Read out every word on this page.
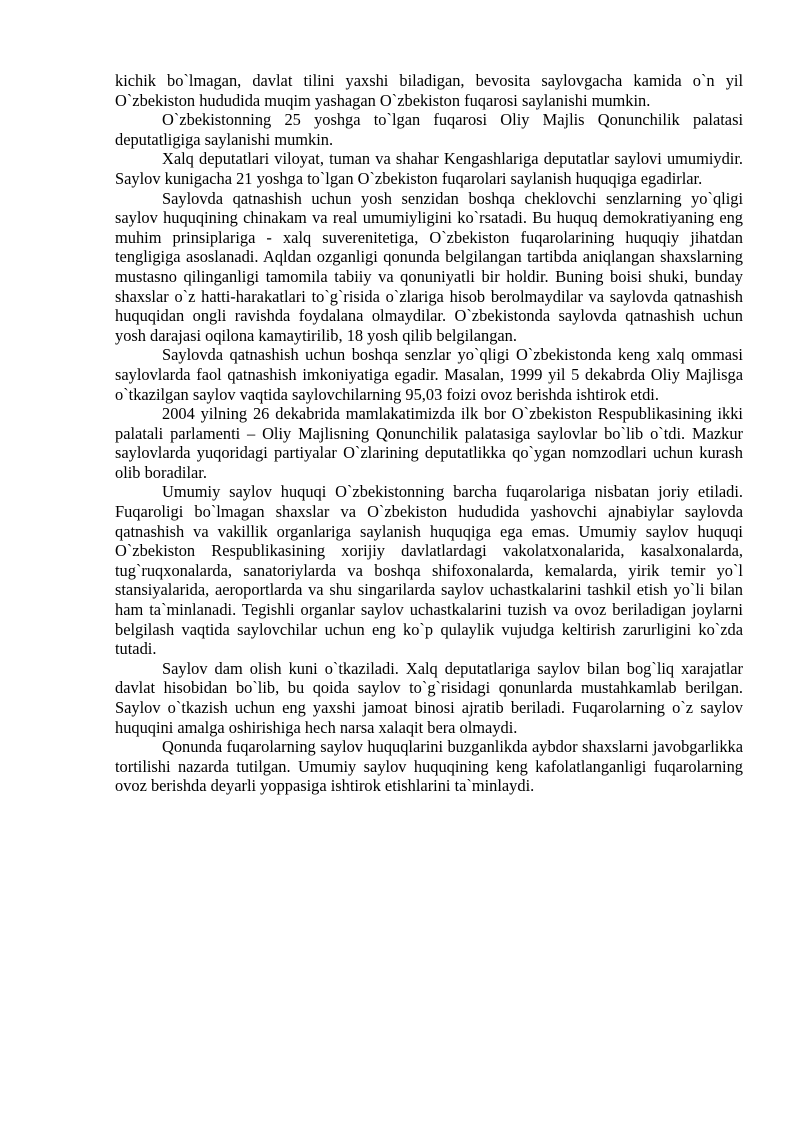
kichik bo`lmagan, davlat tilini yaxshi biladigan, bevosita saylovgacha kamida o`n yil O`zbekiston hududida muqim yashagan O`zbekiston fuqarosi saylanishi mumkin.

O`zbekistonning 25 yoshga to`lgan fuqarosi Oliy Majlis Qonunchilik palatasi deputatligiga saylanishi mumkin.

Xalq deputatlari viloyat, tuman va shahar Kengashlariga deputatlar saylovi umumiydir. Saylov kunigacha 21 yoshga to`lgan O`zbekiston fuqarolari saylanish huquqiga egadirlar.

Saylovda qatnashish uchun yosh senzidan boshqa cheklovchi senzlarning yo`qligi saylov huquqining chinakam va real umumiyligini ko`rsatadi. Bu huquq demokratiyaning eng muhim prinsiplariga - xalq suverenitetiga, O`zbekiston fuqarolarining huquqiy jihatdan tengligiga asoslanadi. Aqldan ozganligi qonunda belgilangan tartibda aniqlangan shaxslarning mustasno qilinganligi tamomila tabiiy va qonuniyatli bir holdir. Buning boisi shuki, bunday shaxslar o`z hatti-harakatlari to`g`risida o`zlariga hisob berolmaydilar va saylovda qatnashish huquqidan ongli ravishda foydalana olmaydilar. O`zbekistonda saylovda qatnashish uchun yosh darajasi oqilona kamaytirilib, 18 yosh qilib belgilangan.

Saylovda qatnashish uchun boshqa senzlar yo`qligi O`zbekistonda keng xalq ommasi saylovlarda faol qatnashish imkoniyatiga egadir. Masalan, 1999 yil 5 dekabrda Oliy Majlisga o`tkazilgan saylov vaqtida saylovchilarning 95,03 foizi ovoz berishda ishtirok etdi.

2004 yilning 26 dekabrida mamlakatimizda ilk bor O`zbekiston Respublikasining ikki palatali parlamenti – Oliy Majlisning Qonunchilik palatasiga saylovlar bo`lib o`tdi. Mazkur saylovlarda yuqoridagi partiyalar O`zlarining deputatlikka qo`ygan nomzodlari uchun kurash olib boradilar.

Umumiy saylov huquqi O`zbekistonning barcha fuqarolariga nisbatan joriy etiladi. Fuqaroligi bo`lmagan shaxslar va O`zbekiston hududida yashovchi ajnabiylar saylovda qatnashish va vakillik organlariga saylanish huquqiga ega emas. Umumiy saylov huquqi O`zbekiston Respublikasining xorijiy davlatlardagi vakolatxonalarida, kasalxonalarda, tug`ruqxonalarda, sanatoriylarda va boshqa shifoxonalarda, kemalarda, yirik temir yo`l stansiyalarida, aeroportlarda va shu singarilarda saylov uchastkalarini tashkil etish yo`li bilan ham ta`minlanadi. Tegishli organlar saylov uchastkalarini tuzish va ovoz beriladigan joylarni belgilash vaqtida saylovchilar uchun eng ko`p qulaylik vujudga keltirish zarurligini ko`zda tutadi.

Saylov dam olish kuni o`tkaziladi. Xalq deputatlariga saylov bilan bog`liq xarajatlar davlat hisobidan bo`lib, bu qoida saylov to`g`risidagi qonunlarda mustahkamlab berilgan. Saylov o`tkazish uchun eng yaxshi jamoat binosi ajratib beriladi. Fuqarolarning o`z saylov huquqini amalga oshirishiga hech narsa xalaqit bera olmaydi.

Qonunda fuqarolarning saylov huquqlarini buzganlikda aybdor shaxslarni javobgarlikka tortilishi nazarda tutilgan. Umumiy saylov huquqining keng kafolatlanganligi fuqarolarning ovoz berishda deyarli yoppasiga ishtirok etishlarini ta`minlaydi.
